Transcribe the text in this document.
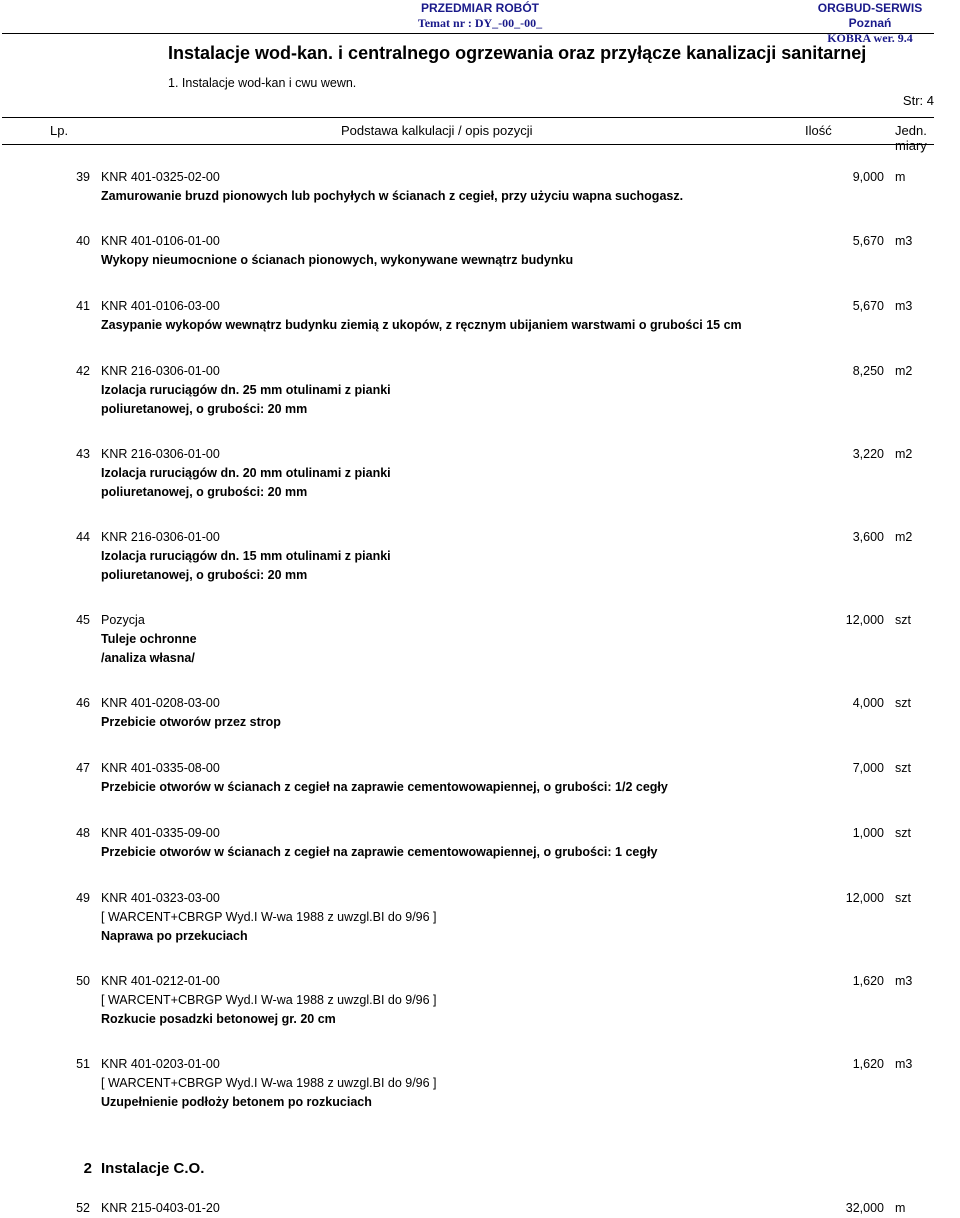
PRZEDMIAR ROBÓT
Temat nr : DY_-00_-00_
ORGBUD-SERWIS Poznań
KOBRA wer. 9.4
Instalacje wod-kan. i centralnego ogrzewania oraz przyłącze kanalizacji sanitarnej
1. Instalacje wod-kan i cwu wewn.
Str: 4
Lp.	Podstawa kalkulacji / opis pozycji	Ilość	Jedn. miary
39 KNR 401-0325-02-00	9,000 m
Zamurowanie bruzd pionowych lub pochyłych w ścianach z cegieł, przy użyciu wapna suchogasz.
40 KNR 401-0106-01-00	5,670 m3
Wykopy nieumocnione o ścianach pionowych, wykonywane wewnątrz budynku
41 KNR 401-0106-03-00	5,670 m3
Zasypanie wykopów wewnątrz budynku ziemią z ukopów, z ręcznym ubijaniem warstwami o grubości 15 cm
42 KNR 216-0306-01-00	8,250 m2
Izolacja ruruciągów dn. 25 mm otulinami z pianki
poliuretanowej, o grubości: 20 mm
43 KNR 216-0306-01-00	3,220 m2
Izolacja ruruciągów dn. 20 mm otulinami z pianki
poliuretanowej, o grubości: 20 mm
44 KNR 216-0306-01-00	3,600 m2
Izolacja ruruciągów dn. 15 mm otulinami z pianki
poliuretanowej, o grubości: 20 mm
45 Pozycja	12,000 szt
Tuleje ochronne
/analiza własna/
46 KNR 401-0208-03-00	4,000 szt
Przebicie otworów przez strop
47 KNR 401-0335-08-00	7,000 szt
Przebicie otworów w ścianach z cegieł na zaprawie cementowowapiennej, o grubości: 1/2 cegły
48 KNR 401-0335-09-00	1,000 szt
Przebicie otworów w ścianach z cegieł na zaprawie cementowowapiennej, o grubości: 1 cegły
49 KNR 401-0323-03-00	12,000 szt
[ WARCENT+CBRGP Wyd.I W-wa 1988 z uwzgl.BI do 9/96 ]
Naprawa po przekuciach
50 KNR 401-0212-01-00	1,620 m3
[ WARCENT+CBRGP Wyd.I W-wa 1988 z uwzgl.BI do 9/96 ]
Rozkucie posadzki betonowej gr. 20 cm
51 KNR 401-0203-01-00	1,620 m3
[ WARCENT+CBRGP Wyd.I W-wa 1988 z uwzgl.BI do 9/96 ]
Uzupełnienie podłoży betonem po rozkuciach
2 Instalacje C.O.
52 KNR 215-0403-01-20	32,000 m
